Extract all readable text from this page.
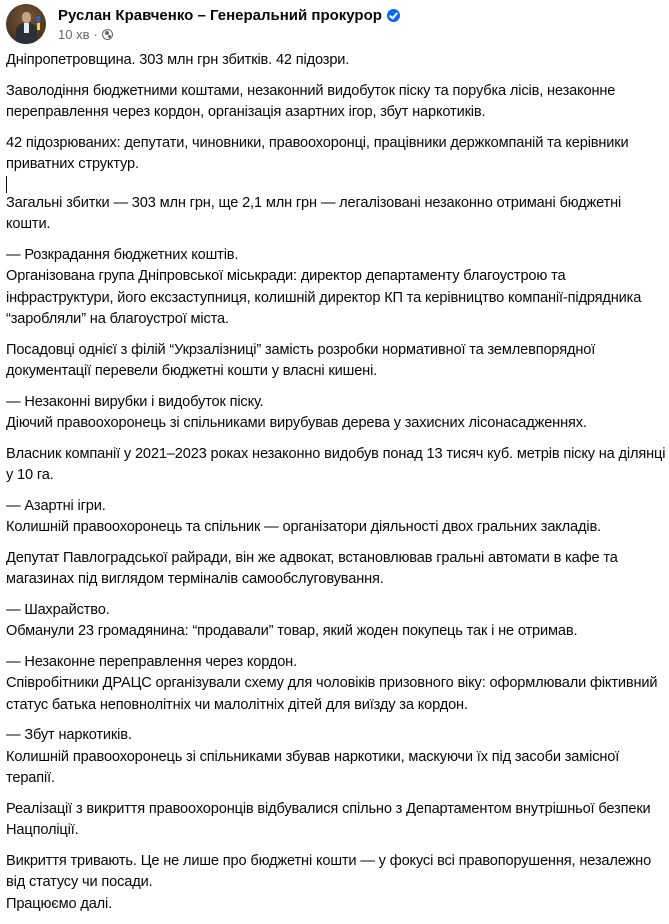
Руслан Кравченко – Генеральний прокурор
10 хв ·
Дніпропетровщина. 303 млн грн збитків. 42 підозри.
Заволодіння бюджетними коштами, незаконний видобуток піску та порубка лісів, незаконне переправлення через кордон, організація азартних ігор, збут наркотиків.
42 підозрюваних: депутати, чиновники, правоохоронці, працівники держкомпаній та керівники приватних структур.
Загальні збитки — 303 млн грн, ще 2,1 млн грн — легалізовані незаконно отримані бюджетні кошти.
— Розкрадання бюджетних коштів.
Організована група Дніпровської міськради: директор департаменту благоустрою та інфраструктури, його ексзаступниця, колишній директор КП та керівництво компанії-підрядника “заробляли” на благоустрої міста.
Посадовці однієї з філій “Укрзалізниці” замість розробки нормативної та землевпорядної документації перевели бюджетні кошти у власні кишені.
— Незаконні вирубки і видобуток піску.
Діючий правоохоронець зі спільниками вирубував дерева у захисних лісонасадженнях.
Власник компанії у 2021–2023 роках незаконно видобув понад 13 тисяч куб. метрів піску на ділянці у 10 га.
— Азартні ігри.
Колишній правоохоронець та спільник — організатори діяльності двох гральних закладів.
Депутат Павлоградської райради, він же адвокат, встановлював гральні автомати в кафе та магазинах під виглядом терміналів самообслуговування.
— Шахрайство.
Обманули 23 громадянина: “продавали” товар, який жоден покупець так і не отримав.
— Незаконне переправлення через кордон.
Співробітники ДРАЦС організували схему для чоловіків призовного віку: оформлювали фіктивний статус батька неповнолітніх чи малолітніх дітей для виїзду за кордон.
— Збут наркотиків.
Колишній правоохоронець зі спільниками збував наркотики, маскуючи їх під засоби замісної терапії.
Реалізації з викриття правоохоронців відбувалися спільно з Департаментом внутрішньої безпеки Нацполіції.
Викриття тривають. Це не лише про бюджетні кошти — у фокусі всі правопорушення, незалежно від статусу чи посади.
Працюємо далі.
